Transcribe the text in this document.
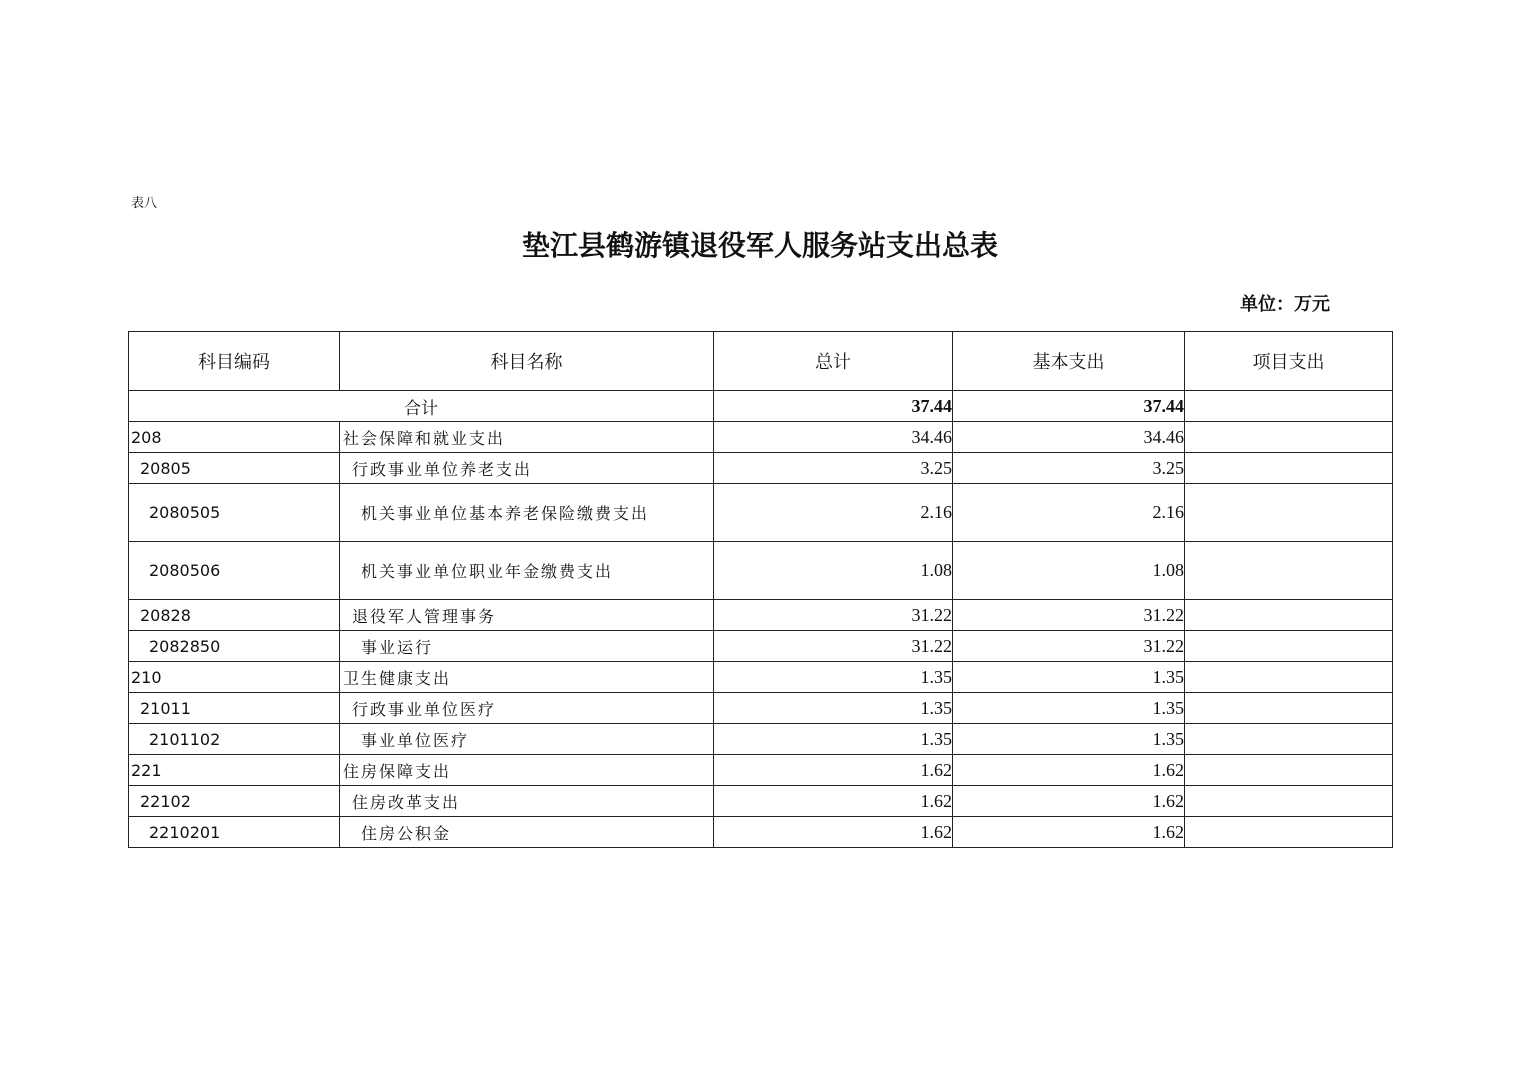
表八
垫江县鹤游镇退役军人服务站支出总表
单位：万元
科目编码	科目名称	总计	基本支出	项目支出
合计		37.44	37.44	
208	社会保障和就业支出	34.46	34.46	
20805	行政事业单位养老支出	3.25	3.25	
2080505	机关事业单位基本养老保险缴费支出	2.16	2.16	
2080506	机关事业单位职业年金缴费支出	1.08	1.08	
20828	退役军人管理事务	31.22	31.22	
2082850	事业运行	31.22	31.22	
210	卫生健康支出	1.35	1.35	
21011	行政事业单位医疗	1.35	1.35	
2101102	事业单位医疗	1.35	1.35	
221	住房保障支出	1.62	1.62	
22102	住房改革支出	1.62	1.62	
2210201	住房公积金	1.62	1.62	
